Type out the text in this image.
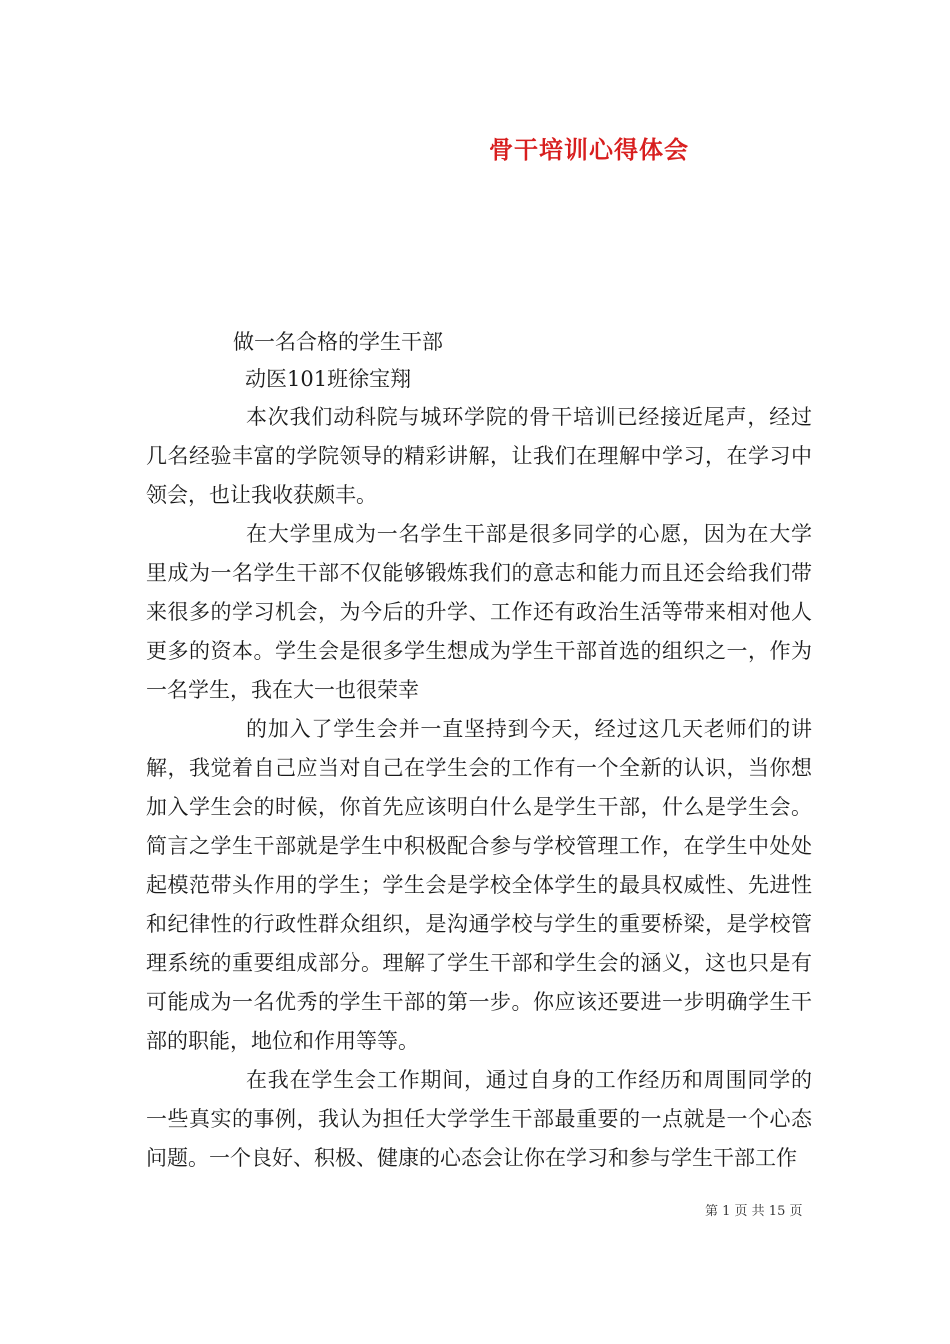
骨干培训心得体会
做一名合格的学生干部
动医101班徐宝翔

本次我们动科院与城环学院的骨干培训已经接近尾声，经过几名经验丰富的学院领导的精彩讲解，让我们在理解中学习，在学习中领会，也让我收获颇丰。

在大学里成为一名学生干部是很多同学的心愿，因为在大学里成为一名学生干部不仅能够锻炼我们的意志和能力而且还会给我们带来很多的学习机会，为今后的升学、工作还有政治生活等带来相对他人更多的资本。学生会是很多学生想成为学生干部首选的组织之一，作为一名学生，我在大一也很荣幸

的加入了学生会并一直坚持到今天，经过这几天老师们的讲解，我觉着自己应当对自己在学生会的工作有一个全新的认识，当你想加入学生会的时候，你首先应该明白什么是学生干部，什么是学生会。简言之学生干部就是学生中积极配合参与学校管理工作，在学生中处处起模范带头作用的学生；学生会是学校全体学生的最具权威性、先进性和纪律性的行政性群众组织，是沟通学校与学生的重要桥梁，是学校管理系统的重要组成部分。理解了学生干部和学生会的涵义，这也只是有可能成为一名优秀的学生干部的第一步。你应该还要进一步明确学生干部的职能，地位和作用等等。

在我在学生会工作期间，通过自身的工作经历和周围同学的一些真实的事例，我认为担任大学学生干部最重要的一点就是一个心态问题。一个良好、积极、健康的心态会让你在学习和参与学生干部工作

第 1 页 共 15 页
